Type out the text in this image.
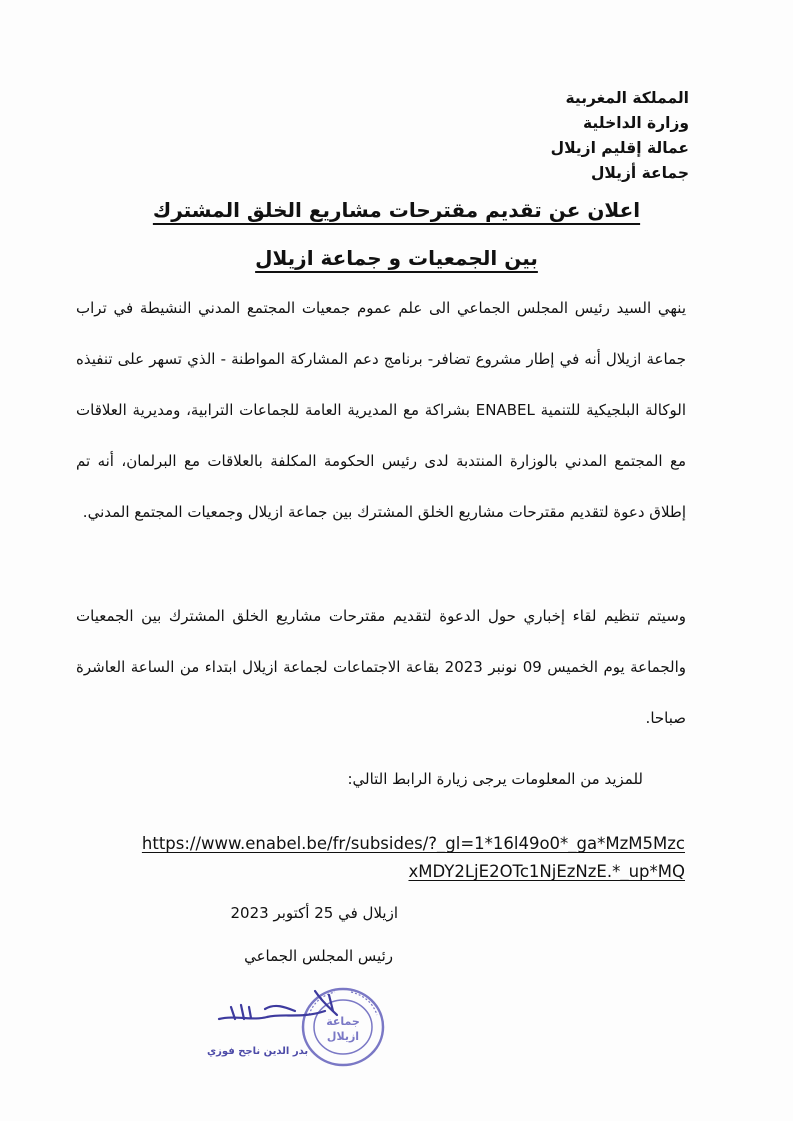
المملكة المغربية
وزارة الداخلية
عمالة إقليم ازيلال
جماعة أزيلال
اعلان عن تقديم مقترحات مشاريع الخلق المشترك
بين الجمعيات و جماعة ازيلال
ينهي السيد رئيس المجلس الجماعي الى علم عموم جمعيات المجتمع المدني النشيطة في تراب جماعة ازيلال أنه في إطار مشروع تضافر- برنامج دعم المشاركة المواطنة - الذي تسهر على تنفيذه الوكالة البلجيكية للتنمية ENABEL بشراكة مع المديرية العامة للجماعات الترابية، ومديرية العلاقات مع المجتمع المدني بالوزارة المنتدبة لدى رئيس الحكومة المكلفة بالعلاقات مع البرلمان، أنه تم إطلاق دعوة لتقديم مقترحات مشاريع الخلق المشترك بين جماعة ازيلال وجمعيات المجتمع المدني.
وسيتم تنظيم لقاء إخباري حول الدعوة لتقديم مقترحات مشاريع الخلق المشترك بين الجمعيات والجماعة يوم الخميس 09 نونبر 2023 بقاعة الاجتماعات لجماعة ازيلال ابتداء من الساعة العاشرة صباحا.
للمزيد من المعلومات يرجى زيارة الرابط التالي:
https://www.enabel.be/fr/subsides/?_gl=1*16l49o0*_ga*MzM5Mzc
xMDY2LjE2OTc1NjEzNzE.*_up*MQ
ازيلال في 25 أكتوبر 2023
رئيس المجلس الجماعي
جماعة
ازيلال
بدر الدين ناجح فوزي
